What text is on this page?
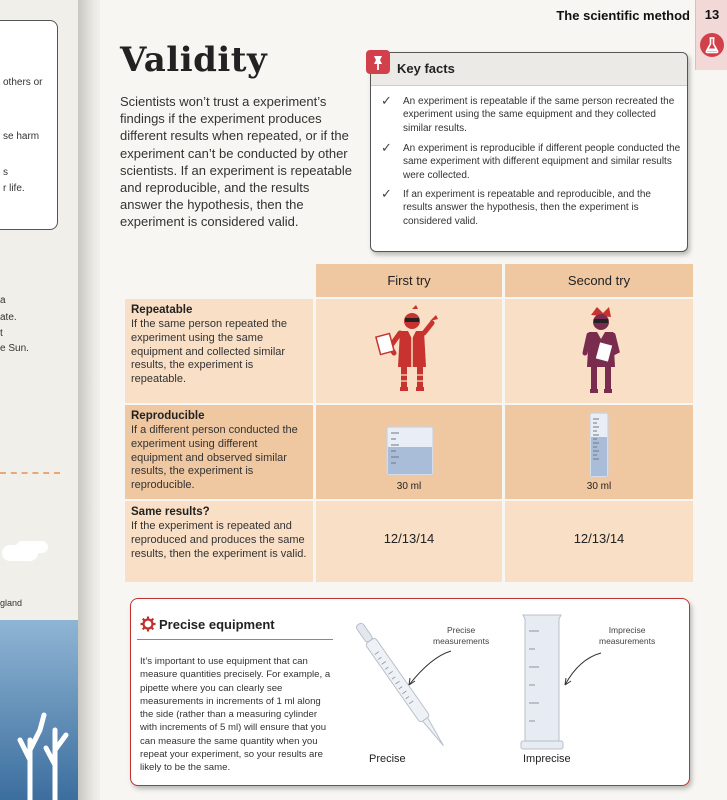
others or
se harm
s
r life.
a
ate.
t
e Sun.
gland
The scientific method	13
Validity

Scientists won’t trust a experiment’s findings if the experiment produces different results when repeated, or if the experiment can’t be conducted by other scientists. If an experiment is repeatable and reproducible, and the results answer the hypothesis, then the experiment is considered valid.

Key facts
✓	An experiment is repeatable if the same person recreated the experiment using the same equipment and they collected similar results.
✓	An experiment is reproducible if different people conducted the same experiment with different equipment and similar results were collected.
✓	If an experiment is repeatable and reproducible, and the results answer the hypothesis, then the experiment is considered valid.
First try	Second try
Repeatable
If the same person repeated the experiment using the same equipment and collected similar results, the experiment is repeatable.
Reproducible
If a different person conducted the experiment using different equipment and observed similar results, the experiment is reproducible.	30 ml	30 ml
Same results?
If the experiment is repeated and reproduced and produces the same results, then the experiment is valid.
12/13/14	12/13/14
Precise equipment

It’s important to use equipment that can measure quantities precisely. For example, a pipette where you can clearly see measurements in increments of 1 ml along the side (rather than a measuring cylinder with increments of 5 ml) will ensure that you can measure the same quantity when you repeat your experiment, so your results are likely to be the same.

Precise
measurements
Precise
Imprecise
measurements
Imprecise
